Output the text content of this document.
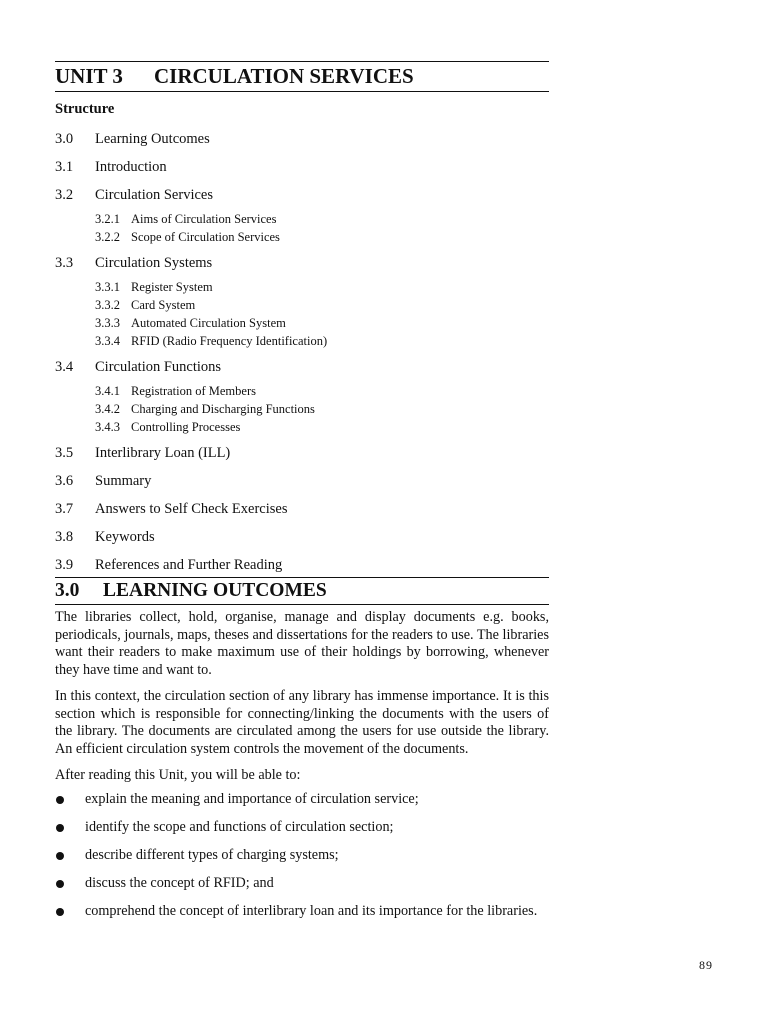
UNIT 3	CIRCULATION SERVICES
Structure
3.0	Learning Outcomes
3.1	Introduction
3.2	Circulation Services
3.2.1 Aims of Circulation Services
3.2.2 Scope of Circulation Services
3.3	Circulation Systems
3.3.1 Register System
3.3.2 Card System
3.3.3 Automated Circulation System
3.3.4 RFID (Radio Frequency Identification)
3.4	Circulation Functions
3.4.1 Registration of Members
3.4.2 Charging and Discharging Functions
3.4.3 Controlling Processes
3.5	Interlibrary Loan (ILL)
3.6	Summary
3.7	Answers to Self Check Exercises
3.8	Keywords
3.9	References and Further Reading
3.0	LEARNING OUTCOMES

The libraries collect, hold, organise, manage and display documents e.g. books, periodicals, journals, maps, theses and dissertations for the readers to use. The libraries want their readers to make maximum use of their holdings by borrowing, whenever they have time and want to.

In this context, the circulation section of any library has immense importance. It is this section which is responsible for connecting/linking the documents with the users of the library. The documents are circulated among the users for use outside the library. An efficient circulation system controls the movement of the documents.

After reading this Unit, you will be able to:

explain the meaning and importance of circulation service;
identify the scope and functions of circulation section;
describe different types of charging systems;
discuss the concept of RFID; and
comprehend the concept of interlibrary loan and its importance for the libraries.
89
